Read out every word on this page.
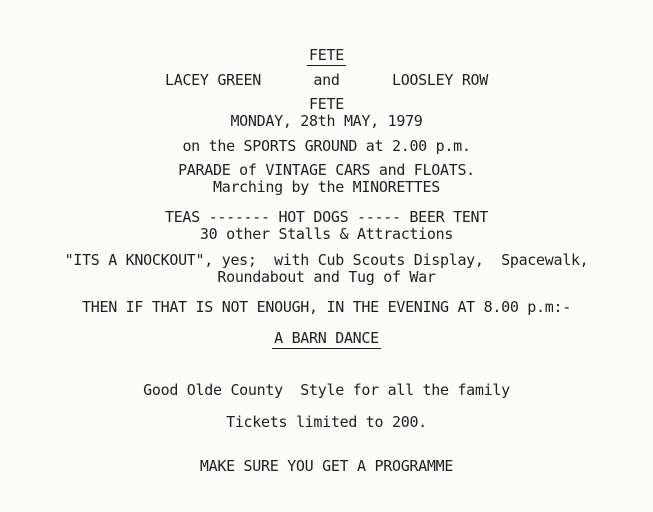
FETE
LACEY GREEN      and      LOOSLEY ROW
FETE
MONDAY, 28th MAY, 1979
on the SPORTS GROUND at 2.00 p.m.
PARADE of VINTAGE CARS and FLOATS.
Marching by the MINORETTES
TEAS ------- HOT DOGS ----- BEER TENT
30 other Stalls & Attractions
"ITS A KNOCKOUT", yes;  with Cub Scouts Display,  Spacewalk,
Roundabout and Tug of War
THEN IF THAT IS NOT ENOUGH, IN THE EVENING AT 8.00 p.m:-
A BARN DANCE
Good Olde County  Style for all the family
Tickets limited to 200.
MAKE SURE YOU GET A PROGRAMME
